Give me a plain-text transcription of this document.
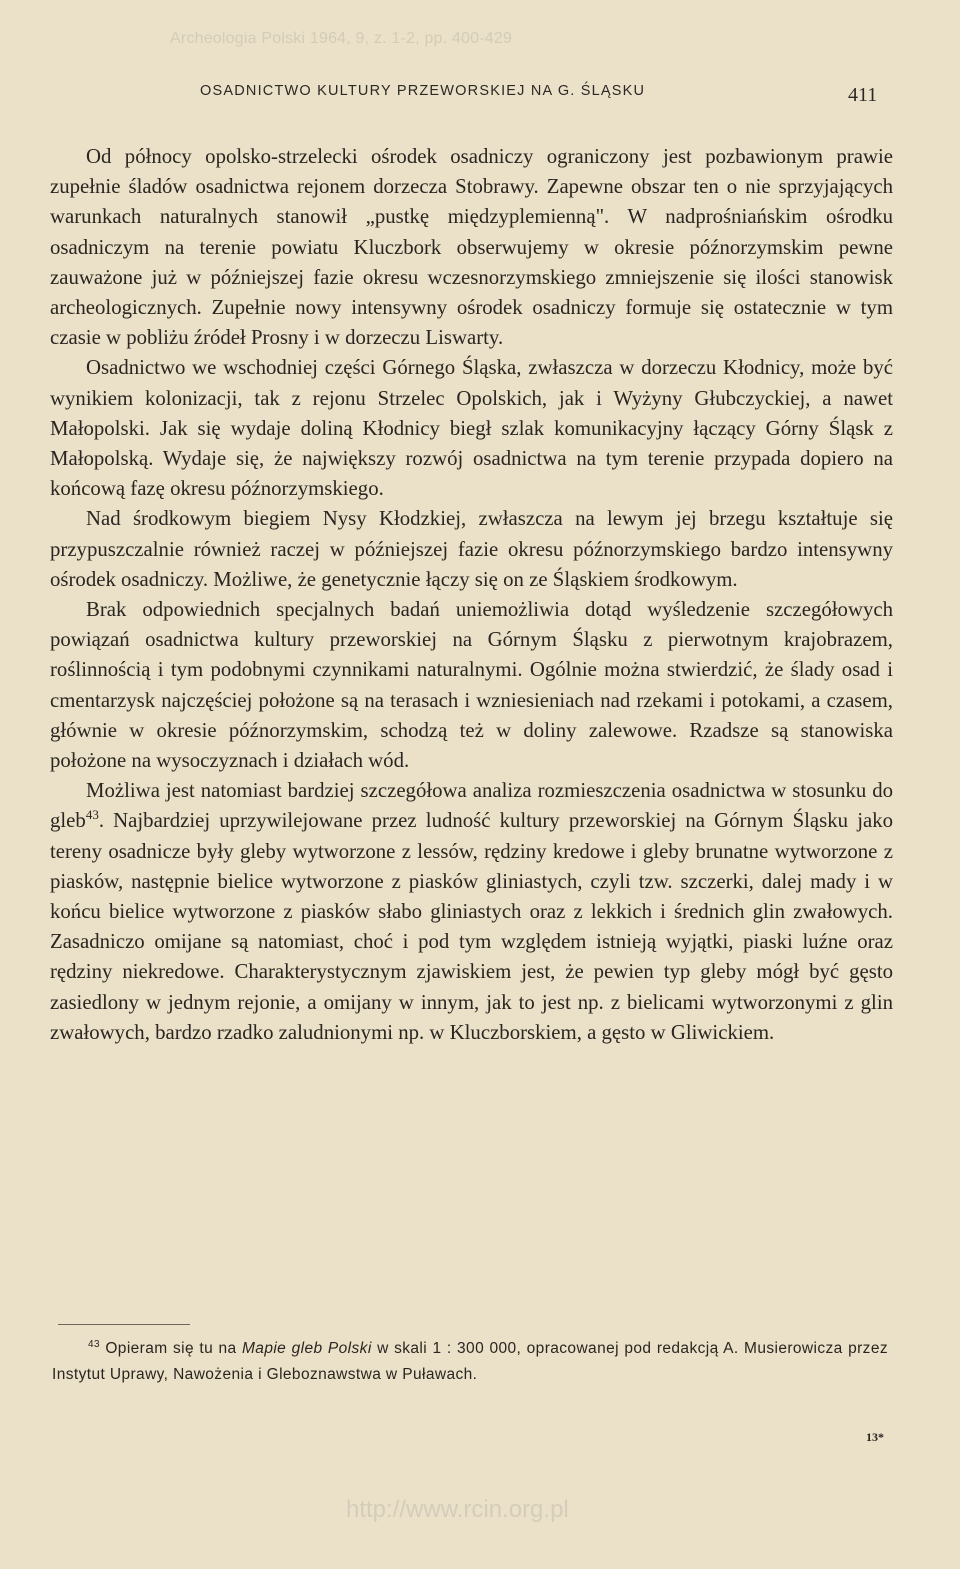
Archeologia Polski 1964, 9, z. 1-2, pp. 400-429
OSADNICTWO KULTURY PRZEWORSKIEJ NA G. ŚLĄSKU	411

Od północy opolsko-strzelecki ośrodek osadniczy ograniczony jest pozbawionym prawie zupełnie śladów osadnictwa rejonem dorzecza Stobrawy. Zapewne obszar ten o nie sprzyjających warunkach naturalnych stanowił „pustkę międzyplemienną". W nadprośniańskim ośrodku osadniczym na terenie powiatu Kluczbork obserwujemy w okresie późnorzymskim pewne zauważone już w późniejszej fazie okresu wczesnorzymskiego zmniejszenie się ilości stanowisk archeologicznych. Zupełnie nowy intensywny ośrodek osadniczy formuje się ostatecznie w tym czasie w pobliżu źródeł Prosny i w dorzeczu Liswarty.

Osadnictwo we wschodniej części Górnego Śląska, zwłaszcza w dorzeczu Kłodnicy, może być wynikiem kolonizacji, tak z rejonu Strzelec Opolskich, jak i Wyżyny Głubczyckiej, a nawet Małopolski. Jak się wydaje doliną Kłodnicy biegł szlak komunikacyjny łączący Górny Śląsk z Małopolską. Wydaje się, że największy rozwój osadnictwa na tym terenie przypada dopiero na końcową fazę okresu późnorzymskiego.

Nad środkowym biegiem Nysy Kłodzkiej, zwłaszcza na lewym jej brzegu kształtuje się przypuszczalnie również raczej w późniejszej fazie okresu późnorzymskiego bardzo intensywny ośrodek osadniczy. Możliwe, że genetycznie łączy się on ze Śląskiem środkowym.

Brak odpowiednich specjalnych badań uniemożliwia dotąd wyśledzenie szczegółowych powiązań osadnictwa kultury przeworskiej na Górnym Śląsku z pierwotnym krajobrazem, roślinnością i tym podobnymi czynnikami naturalnymi. Ogólnie można stwierdzić, że ślady osad i cmentarzysk najczęściej położone są na terasach i wzniesieniach nad rzekami i potokami, a czasem, głównie w okresie późnorzymskim, schodzą też w doliny zalewowe. Rzadsze są stanowiska położone na wysoczyznach i działach wód.

Możliwa jest natomiast bardziej szczegółowa analiza rozmieszczenia osadnictwa w stosunku do gleb$^{43}$. Najbardziej uprzywilejowane przez ludność kultury przeworskiej na Górnym Śląsku jako tereny osadnicze były gleby wytworzone z lessów, rędziny kredowe i gleby brunatne wytworzone z piasków, następnie bielice wytworzone z piasków gliniastych, czyli tzw. szczerki, dalej mady i w końcu bielice wytworzone z piasków słabo gliniastych oraz z lekkich i średnich glin zwałowych. Zasadniczo omijane są natomiast, choć i pod tym względem istnieją wyjątki, piaski luźne oraz rędziny niekredowe. Charakterystycznym zjawiskiem jest, że pewien typ gleby mógł być gęsto zasiedlony w jednym rejonie, a omijany w innym, jak to jest np. z bielicami wytworzonymi z glin zwałowych, bardzo rzadko zaludnionymi np. w Kluczborskiem, a gęsto w Gliwickiem.

$^{43}$ Opieram się tu na Mapie gleb Polski w skali 1 : 300 000, opracowanej pod redakcją A. Musierowicza przez Instytut Uprawy, Nawożenia i Gleboznawstwa w Puławach.

13*
http://www.rcin.org.pl
